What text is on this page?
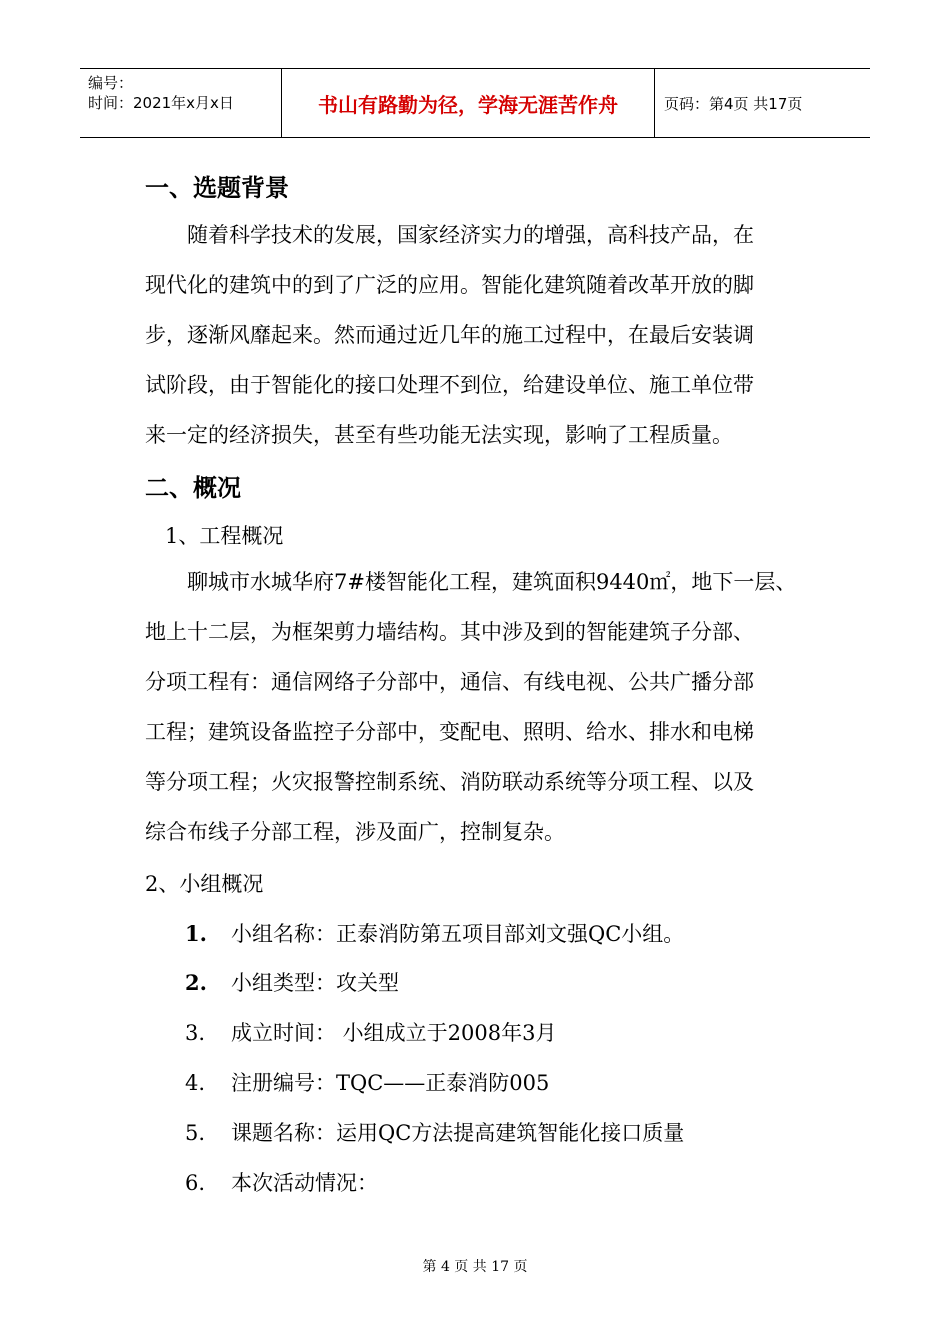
编号：
时间：2021年x月x日	书山有路勤为径，学海无涯苦作舟	页码：第4页 共17页
一、选题背景
　　随着科学技术的发展，国家经济实力的增强，高科技产品，在
现代化的建筑中的到了广泛的应用。智能化建筑随着改革开放的脚
步，逐渐风靡起来。然而通过近几年的施工过程中，在最后安装调
试阶段，由于智能化的接口处理不到位，给建设单位、施工单位带
来一定的经济损失，甚至有些功能无法实现，影响了工程质量。
二、概况
1、工程概况
　　聊城市水城华府7#楼智能化工程，建筑面积9440㎡，地下一层、
地上十二层，为框架剪力墙结构。其中涉及到的智能建筑子分部、
分项工程有：通信网络子分部中，通信、有线电视、公共广播分部
工程；建筑设备监控子分部中，变配电、照明、给水、排水和电梯
等分项工程；火灾报警控制系统、消防联动系统等分项工程、以及
综合布线子分部工程，涉及面广，控制复杂。
2、小组概况
1. 小组名称：正泰消防第五项目部刘文强QC小组。
2. 小组类型：攻关型
3. 成立时间： 小组成立于2008年3月
4. 注册编号：TQC——正泰消防005
5. 课题名称：运用QC方法提高建筑智能化接口质量
6. 本次活动情况：
第 4 页 共 17 页
